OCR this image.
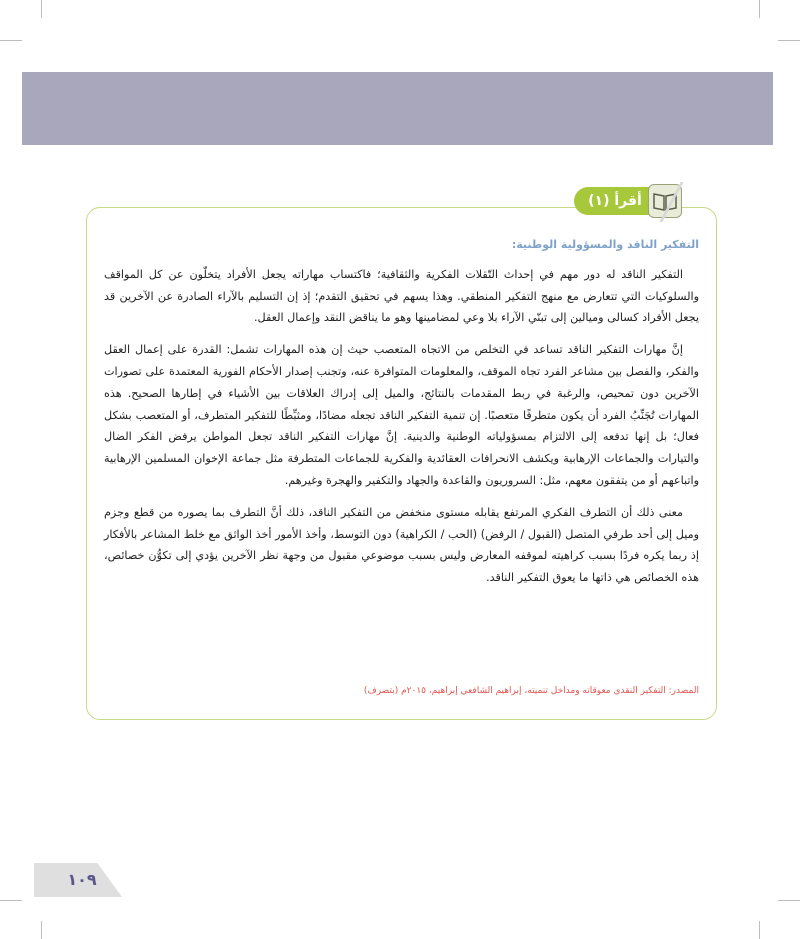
أقرأ (١)
التفكير الناقد والمسؤولية الوطنية:

التفكير الناقد له دور مهم في إحداث التّقلات الفكرية والثقافية؛ فاكتساب مهاراته يجعل الأفراد يتخلّون عن كل المواقف والسلوكيات التي تتعارض مع منهج التفكير المنطقي. وهذا يسهم في تحقيق التقدم؛ إذ إن التسليم بالآراء الصادرة عن الآخرين قد يجعل الأفراد كسالى وميالين إلى تبنّي الآراء بلا وعي لمضامينها وهو ما يناقض النقد وإعمال العقل.

إنَّ مهارات التفكير الناقد تساعد في التخلص من الاتجاه المتعصب حيث إن هذه المهارات تشمل: القدرة على إعمال العقل والفكر، والفصل بين مشاعر الفرد تجاه الموقف، والمعلومات المتوافرة عنه، وتجنب إصدار الأحكام الفورية المعتمدة على تصورات الآخرين دون تمحيص، والرغبة في ربط المقدمات بالنتائج، والميل إلى إدراك العلاقات بين الأشياء في إطارها الصحيح. هذه المهارات تُجَنِّبُ الفرد أن يكون متطرفًا متعصبًا. إن تنمية التفكير الناقد تجعله مضادًا، ومثبِّطًا للتفكير المتطرف، أو المتعصب بشكل فعال؛ بل إنها تدفعه إلى الالتزام بمسؤولياته الوطنية والدينية. إنَّ مهارات التفكير الناقد تجعل المواطن يرفض الفكر الضال والتيارات والجماعات الإرهابية ويكشف الانحرافات العقائدية والفكرية للجماعات المتطرفة مثل جماعة الإخوان المسلمين الإرهابية واتباعهم أو من يتفقون معهم، مثل: السروريون والقاعدة والجهاد والتكفير والهجرة وغيرهم.

معنى ذلك أن التطرف الفكري المرتفع يقابله مستوى منخفض من التفكير الناقد، ذلك أنَّ التطرف بما يصوره من قطع وجزم وميل إلى أحد طرفي المتصل (القبول / الرفض) (الحب / الكراهية) دون التوسط، وأخذ الأمور أخذ الواثق مع خلط المشاعر بالأفكار إذ ربما يكره فردًا بسبب كراهيته لموقفه المعارض وليس بسبب موضوعي مقبول من وجهة نظر الآخرين يؤدي إلى تكوُّن خصائص، هذه الخصائص هي ذاتها ما يعوق التفكير الناقد.

المصدر: التفكير النقدي معوقاته ومداخل تنميته، إبراهيم الشافعي إبراهيم، ٢٠١٥م (بتصرف)
١٠٩
